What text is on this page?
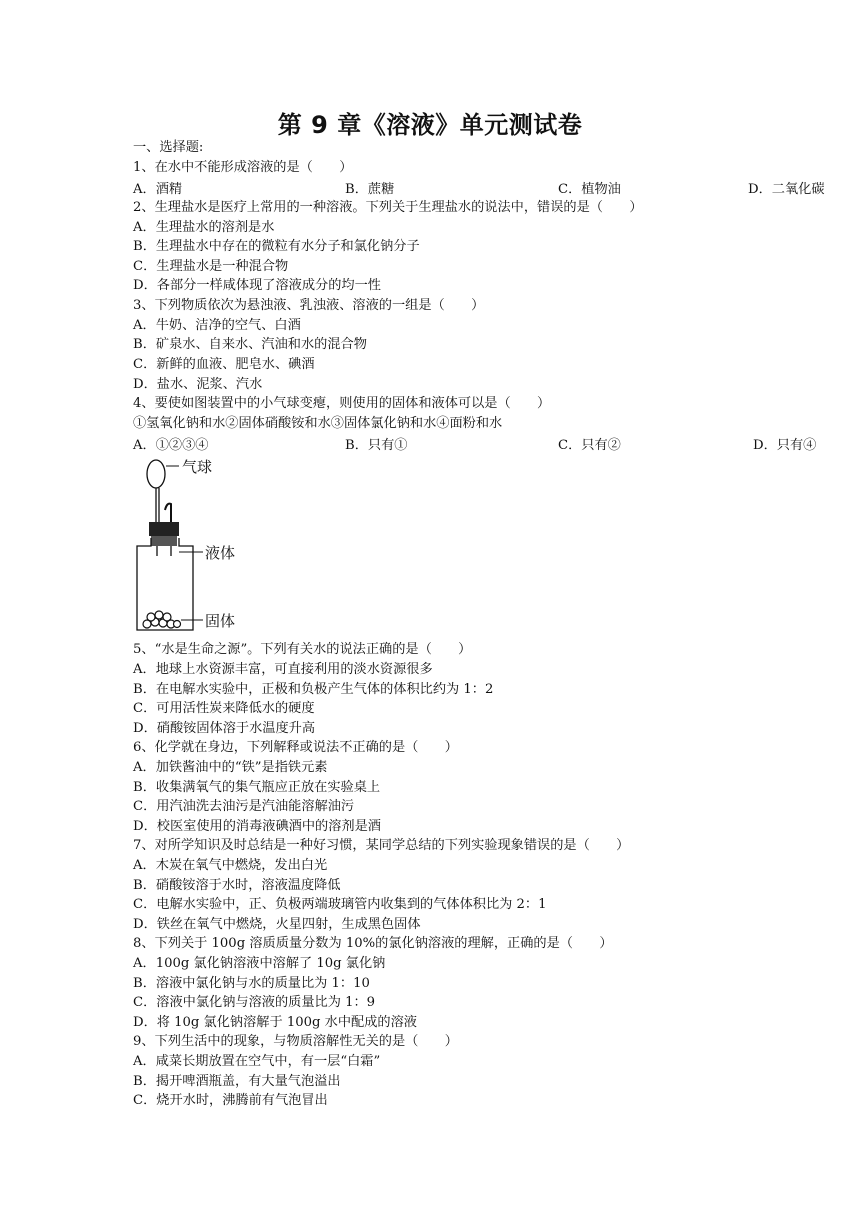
第 9 章《溶液》单元测试卷
一、选择题:
1、在水中不能形成溶液的是（　　）
A．酒精	B．蔗糖	C．植物油	D．二氧化碳
2、生理盐水是医疗上常用的一种溶液。下列关于生理盐水的说法中，错误的是（　　）
A．生理盐水的溶剂是水
B．生理盐水中存在的微粒有水分子和氯化钠分子
C．生理盐水是一种混合物
D．各部分一样咸体现了溶液成分的均一性
3、下列物质依次为悬浊液、乳浊液、溶液的一组是（　　）
A．牛奶、洁净的空气、白酒
B．矿泉水、自来水、汽油和水的混合物
C．新鲜的血液、肥皂水、碘酒
D．盐水、泥浆、汽水
4、要使如图装置中的小气球变瘪，则使用的固体和液体可以是（　　）
①氢氧化钠和水②固体硝酸铵和水③固体氯化钠和水④面粉和水
A．①②③④	B．只有①	C．只有②	D．只有④
气球
液体
固体
5、“水是生命之源”。下列有关水的说法正确的是（　　）
A．地球上水资源丰富，可直接利用的淡水资源很多
B．在电解水实验中，正极和负极产生气体的体积比约为 1：2
C．可用活性炭来降低水的硬度
D．硝酸铵固体溶于水温度升高
6、化学就在身边，下列解释或说法不正确的是（　　）
A．加铁酱油中的“铁”是指铁元素
B．收集满氧气的集气瓶应正放在实验桌上
C．用汽油洗去油污是汽油能溶解油污
D．校医室使用的消毒液碘酒中的溶剂是酒
7、对所学知识及时总结是一种好习惯，某同学总结的下列实验现象错误的是（　　）
A．木炭在氧气中燃烧，发出白光
B．硝酸铵溶于水时，溶液温度降低
C．电解水实验中，正、负极两端玻璃管内收集到的气体体积比为 2：1
D．铁丝在氧气中燃烧，火星四射，生成黑色固体
8、下列关于 100g 溶质质量分数为 10%的氯化钠溶液的理解，正确的是（　　）
A．100g 氯化钠溶液中溶解了 10g 氯化钠
B．溶液中氯化钠与水的质量比为 1：10
C．溶液中氯化钠与溶液的质量比为 1：9
D．将 10g 氯化钠溶解于 100g 水中配成的溶液
9、下列生活中的现象，与物质溶解性无关的是（　　）
A．咸菜长期放置在空气中，有一层“白霜”
B．揭开啤酒瓶盖，有大量气泡溢出
C．烧开水时，沸腾前有气泡冒出
